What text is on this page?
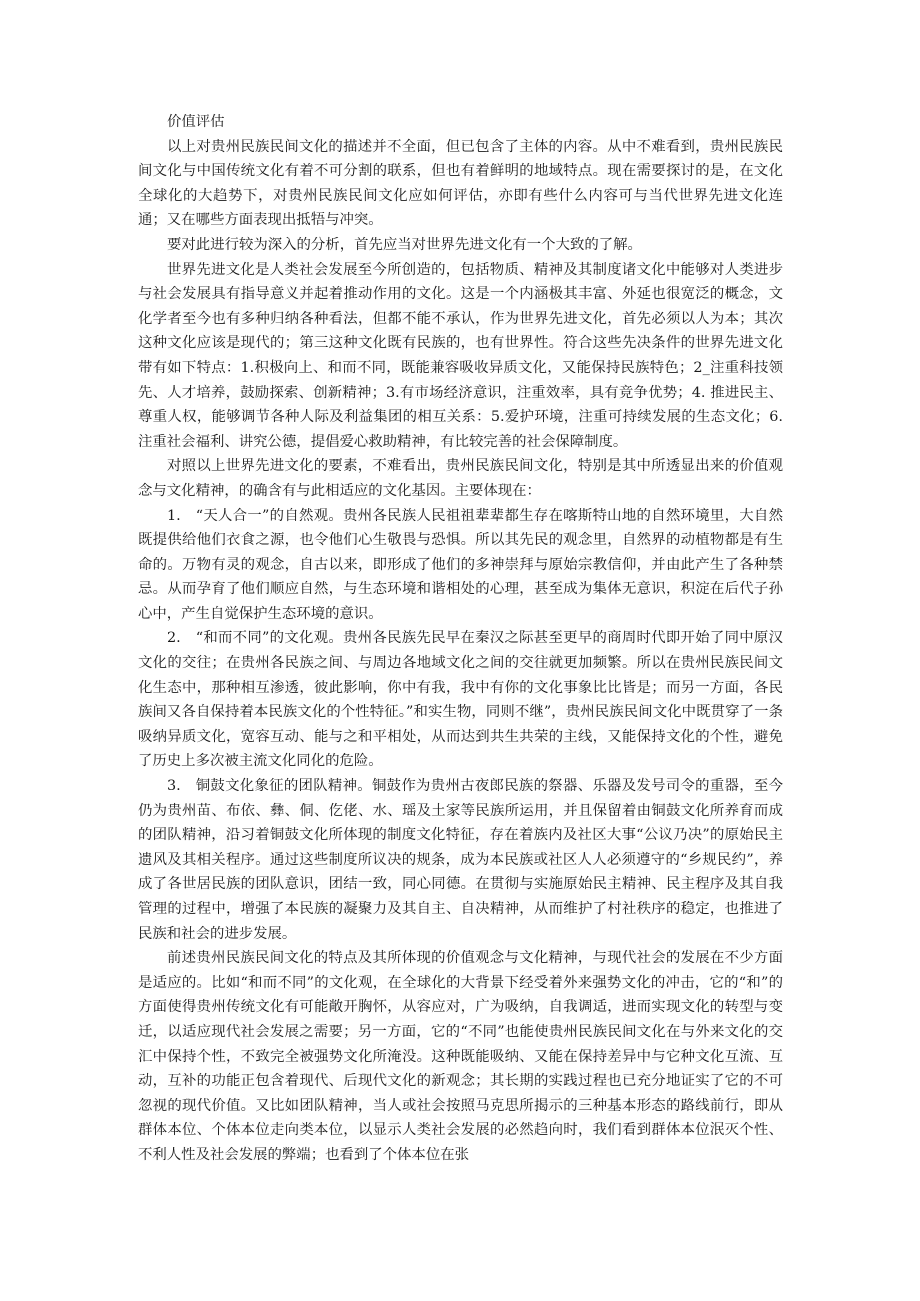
价值评估

以上对贵州民族民间文化的描述并不全面，但已包含了主体的内容。从中不难看到，贵州民族民间文化与中国传统文化有着不可分割的联系，但也有着鲜明的地域特点。现在需要探讨的是，在文化全球化的大趋势下，对贵州民族民间文化应如何评估，亦即有些什么内容可与当代世界先进文化连通；又在哪些方面表现出抵牾与冲突。

要对此进行较为深入的分析，首先应当对世界先进文化有一个大致的了解。

世界先进文化是人类社会发展至今所创造的，包括物质、精神及其制度诸文化中能够对人类进步与社会发展具有指导意义并起着推动作用的文化。这是一个内涵极其丰富、外延也很宽泛的概念，文化学者至今也有多种归纳各种看法，但都不能不承认，作为世界先进文化，首先必须以人为本；其次这种文化应该是现代的；第三这种文化既有民族的，也有世界性。符合这些先决条件的世界先进文化带有如下特点：1.积极向上、和而不同，既能兼容吸收异质文化，又能保持民族特色；2_注重科技领先、人才培养，鼓励探索、创新精神；3.有市场经济意识，注重效率，具有竞争优势；4. 推进民主、尊重人权，能够调节各种人际及利益集团的相互关系：5.爱护环境，注重可持续发展的生态文化；6.注重社会福利、讲究公德，提倡爱心救助精神，有比较完善的社会保障制度。

对照以上世界先进文化的要素，不难看出，贵州民族民间文化，特别是其中所透显出来的价值观念与文化精神，的确含有与此相适应的文化基因。主要体现在：

1.　“天人合一”的自然观。贵州各民族人民祖祖辈辈都生存在喀斯特山地的自然环境里，大自然既提供给他们衣食之源，也令他们心生敬畏与恐惧。所以其先民的观念里，自然界的动植物都是有生命的。万物有灵的观念，自古以来，即形成了他们的多神崇拜与原始宗教信仰，并由此产生了各种禁忌。从而孕育了他们顺应自然，与生态环境和谐相处的心理，甚至成为集体无意识，积淀在后代子孙心中，产生自觉保护生态环境的意识。

2.　“和而不同”的文化观。贵州各民族先民早在秦汉之际甚至更早的商周时代即开始了同中原汉文化的交往；在贵州各民族之间、与周边各地域文化之间的交往就更加频繁。所以在贵州民族民间文化生态中，那种相互渗透，彼此影响，你中有我，我中有你的文化事象比比皆是；而另一方面，各民族间又各自保持着本民族文化的个性特征。”和实生物，同则不继”，贵州民族民间文化中既贯穿了一条吸纳异质文化，宽容互动、能与之和平相处，从而达到共生共荣的主线，又能保持文化的个性，避免了历史上多次被主流文化同化的危险。

3.　铜鼓文化象征的团队精神。铜鼓作为贵州古夜郎民族的祭器、乐器及发号司令的重器，至今仍为贵州苗、布依、彝、侗、仡佬、水、瑶及土家等民族所运用，并且保留着由铜鼓文化所养育而成的团队精神，沿习着铜鼓文化所体现的制度文化特征，存在着族内及社区大事“公议乃决”的原始民主遗风及其相关程序。通过这些制度所议决的规条，成为本民族或社区人人必须遵守的“乡规民约”，养成了各世居民族的团队意识，团结一致，同心同德。在贯彻与实施原始民主精神、民主程序及其自我管理的过程中，增强了本民族的凝聚力及其自主、自决精神，从而维护了村社秩序的稳定，也推进了民族和社会的进步发展。

前述贵州民族民间文化的特点及其所体现的价值观念与文化精神，与现代社会的发展在不少方面是适应的。比如“和而不同”的文化观，在全球化的大背景下经受着外来强势文化的冲击，它的“和”的方面使得贵州传统文化有可能敞开胸怀，从容应对，广为吸纳，自我调适，进而实现文化的转型与变迁，以适应现代社会发展之需要；另一方面，它的“不同”也能使贵州民族民间文化在与外来文化的交汇中保持个性，不致完全被强势文化所淹没。这种既能吸纳、又能在保持差异中与它种文化互流、互动，互补的功能正包含着现代、后现代文化的新观念；其长期的实践过程也已充分地证实了它的不可忽视的现代价值。又比如团队精神，当人或社会按照马克思所揭示的三种基本形态的路线前行，即从群体本位、个体本位走向类本位，以显示人类社会发展的必然趋向时，我们看到群体本位泯灭个性、不利人性及社会发展的弊端；也看到了个体本位在张
